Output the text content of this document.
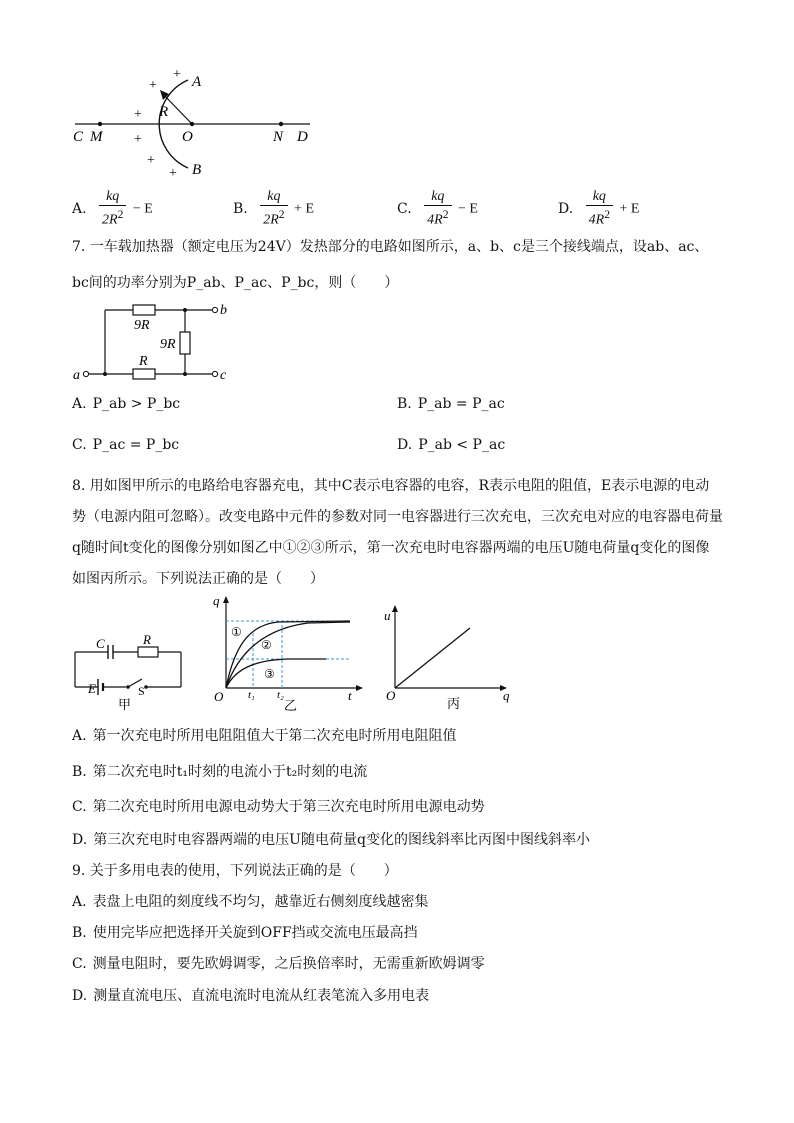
A
B
R
C M	O	N D
+
+
+
+
+
+
A. $\frac{kq}{2R^2} - E$	B. $\frac{kq}{2R^2} + E$	C. $\frac{kq}{4R^2} - E$	D. $\frac{kq}{4R^2} + E$
7. 一车载加热器（额定电压为24V）发热部分的电路如图所示，a、b、c是三个接线端点，设ab、ac、
bc间的功率分别为P_ab、P_ac、P_bc，则（　　）
9R
9R
R
a
b
c
A. P_ab > P_bc	B. P_ab = P_ac
C. P_ac = P_bc	D. P_ab < P_ac
8. 用如图甲所示的电路给电容器充电，其中C表示电容器的电容，R表示电阻的阻值，E表示电源的电动
势（电源内阻可忽略）。改变电路中元件的参数对同一电容器进行三次充电，三次充电对应的电容器电荷量
q随时间t变化的图像分别如图乙中①②③所示，第一次充电时电容器两端的电压U随电荷量q变化的图像
如图丙所示。下列说法正确的是（　　）
C	R
E	S
甲
q
t
O t₁ t₂
①
②
③
乙
u
q
O
丙
A. 第一次充电时所用电阻阻值大于第二次充电时所用电阻阻值
B. 第二次充电时t₁时刻的电流小于t₂时刻的电流
C. 第二次充电时所用电源电动势大于第三次充电时所用电源电动势
D. 第三次充电时电容器两端的电压U随电荷量q变化的图线斜率比丙图中图线斜率小
9. 关于多用电表的使用，下列说法正确的是（　　）
A. 表盘上电阻的刻度线不均匀，越靠近右侧刻度线越密集
B. 使用完毕应把选择开关旋到OFF挡或交流电压最高挡
C. 测量电阻时，要先欧姆调零，之后换倍率时，无需重新欧姆调零
D. 测量直流电压、直流电流时电流从红表笔流入多用电表
